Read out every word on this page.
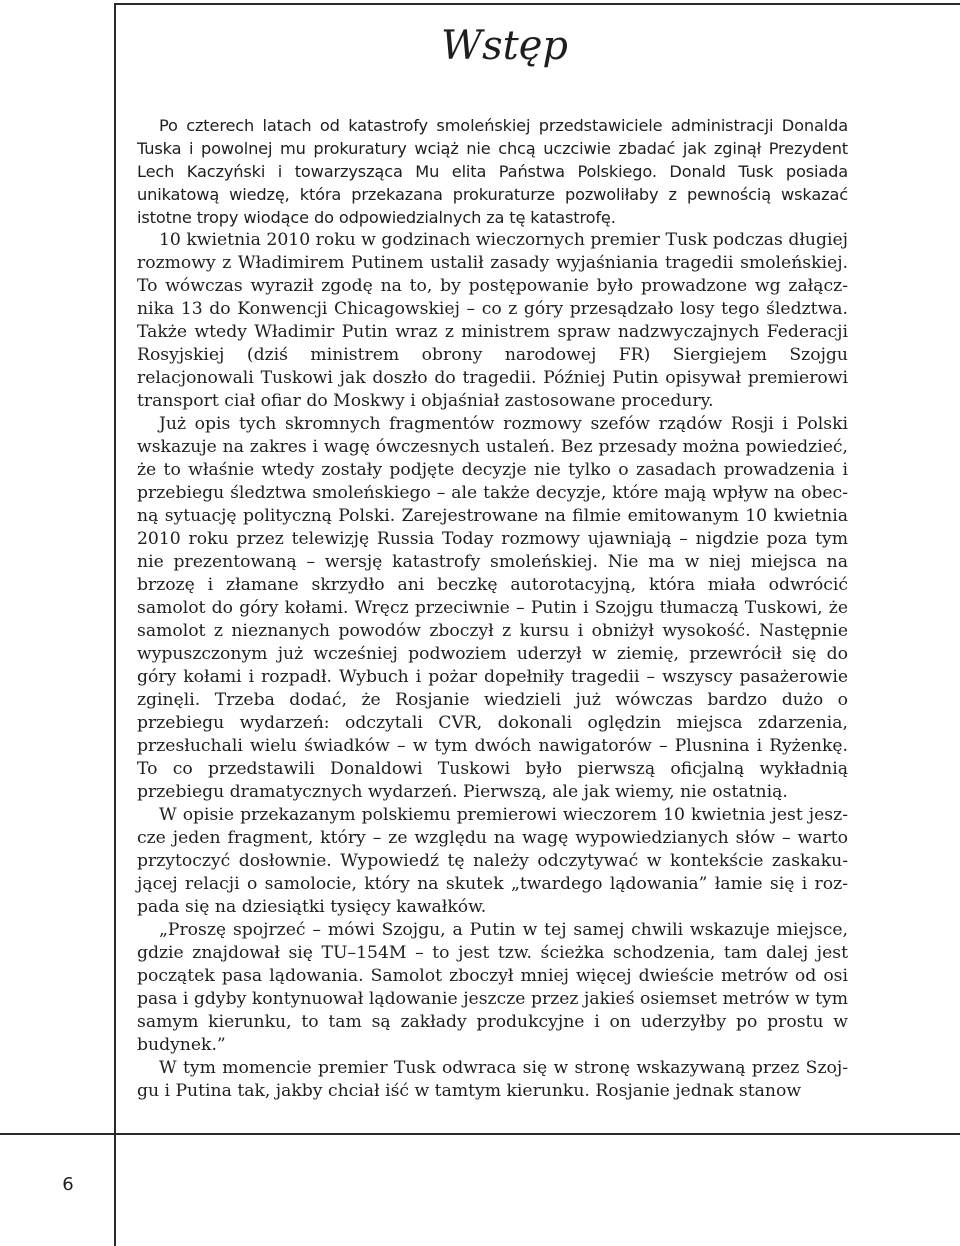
Wstęp

Po czterech latach od katastrofy smoleńskiej przedstawiciele administracji Donalda Tuska i powolnej mu prokuratury wciąż nie chcą uczciwie zbadać jak zginął Prezydent Lech Kaczyński i towarzysząca Mu elita Państwa Polskiego. Donald Tusk posiada unikatową wiedzę, która przekazana prokuraturze pozwoliłaby z pewnością wskazać istotne tropy wiodące do odpowiedzialnych za tę katastrofę.

10 kwietnia 2010 roku w godzinach wieczornych premier Tusk podczas długiej rozmowy z Władimirem Putinem ustalił zasady wyjaśniania tragedii smoleńskiej. To wówczas wyraził zgodę na to, by postępowanie było prowadzone wg załącznika 13 do Konwencji Chicagowskiej – co z góry przesądzało losy tego śledztwa. Także wtedy Władimir Putin wraz z ministrem spraw nadzwyczajnych Federacji Rosyjskiej (dziś ministrem obrony narodowej FR) Siergiejem Szojgu relacjonowali Tuskowi jak doszło do tragedii. Później Putin opisywał premierowi transport ciał ofiar do Moskwy i objaśniał zastosowane procedury.

Już opis tych skromnych fragmentów rozmowy szefów rządów Rosji i Polski wskazuje na zakres i wagę ówczesnych ustaleń. Bez przesady można powiedzieć, że to właśnie wtedy zostały podjęte decyzje nie tylko o zasadach prowadzenia i przebiegu śledztwa smoleńskiego – ale także decyzje, które mają wpływ na obecną sytuację polityczną Polski. Zarejestrowane na filmie emitowanym 10 kwietnia 2010 roku przez telewizję Russia Today rozmowy ujawniają – nigdzie poza tym nie prezentowaną – wersję katastrofy smoleńskiej. Nie ma w niej miejsca na brzozę i złamane skrzydło ani beczkę autorotacyjną, która miała odwrócić samolot do góry kołami. Wręcz przeciwnie – Putin i Szojgu tłumaczą Tuskowi, że samolot z nieznanych powodów zboczył z kursu i obniżył wysokość. Następnie wypuszczonym już wcześniej podwoziem uderzył w ziemię, przewrócił się do góry kołami i rozpadł. Wybuch i pożar dopełniły tragedii – wszyscy pasażerowie zginęli. Trzeba dodać, że Rosjanie wiedzieli już wówczas bardzo dużo o przebiegu wydarzeń: odczytali CVR, dokonali oględzin miejsca zdarzenia, przesłuchali wielu świadków – w tym dwóch nawigatorów – Plusnina i Ryżenkę. To co przedstawili Donaldowi Tuskowi było pierwszą oficjalną wykładnią przebiegu dramatycznych wydarzeń. Pierwszą, ale jak wiemy, nie ostatnią.

W opisie przekazanym polskiemu premierowi wieczorem 10 kwietnia jest jeszcze jeden fragment, który – ze względu na wagę wypowiedzianych słów – warto przytoczyć dosłownie. Wypowiedź tę należy odczytywać w kontekście zaskakującej relacji o samolocie, który na skutek „twardego lądowania” łamie się i rozpada się na dziesiątki tysięcy kawałków.

„Proszę spojrzeć – mówi Szojgu, a Putin w tej samej chwili wskazuje miejsce, gdzie znajdował się TU–154M – to jest tzw. ścieżka schodzenia, tam dalej jest początek pasa lądowania. Samolot zboczył mniej więcej dwieście metrów od osi pasa i gdyby kontynuował lądowanie jeszcze przez jakieś osiemset metrów w tym samym kierunku, to tam są zakłady produkcyjne i on uderzyłby po prostu w budynek.”

W tym momencie premier Tusk odwraca się w stronę wskazywaną przez Szojgu i Putina tak, jakby chciał iść w tamtym kierunku. Rosjanie jednak stanow

6
